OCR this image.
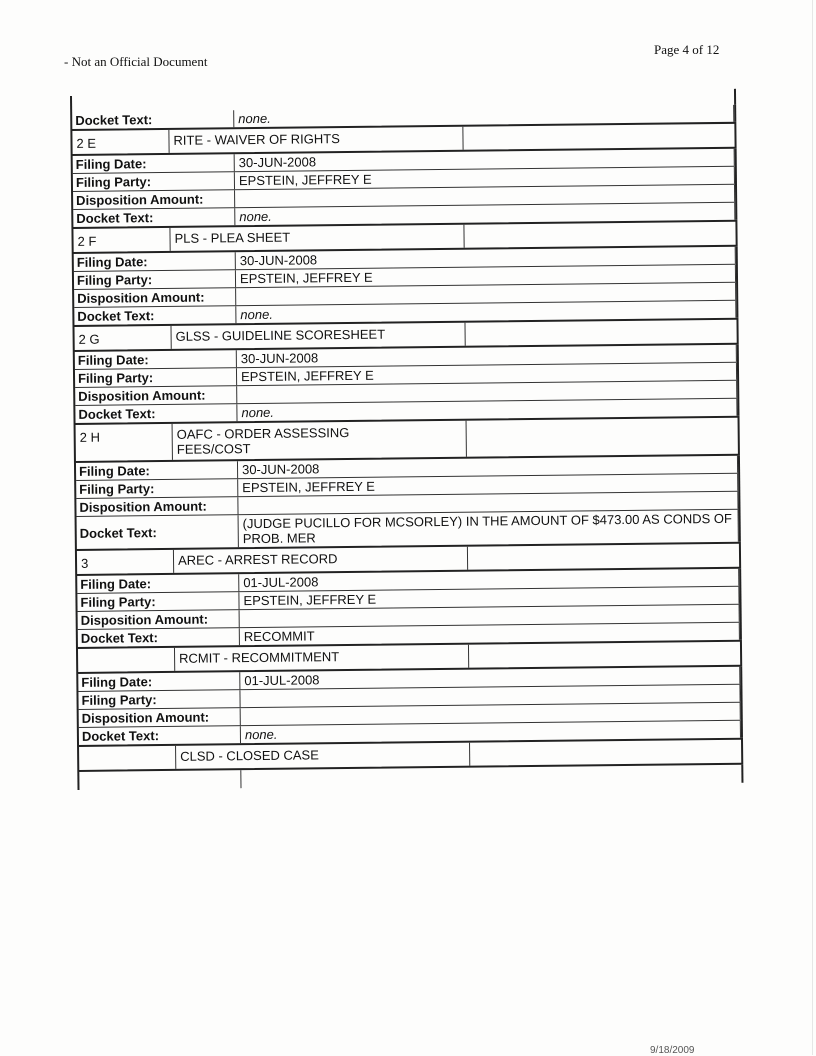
- Not an Official Document
Page 4 of 12
Docket Text:	none.
2 E	RITE - WAIVER OF RIGHTS
Filing Date:	30-JUN-2008
Filing Party:	EPSTEIN, JEFFREY E
Disposition Amount:
Docket Text:	none.
2 F	PLS - PLEA SHEET
Filing Date:	30-JUN-2008
Filing Party:	EPSTEIN, JEFFREY E
Disposition Amount:
Docket Text:	none.
2 G	GLSS - GUIDELINE SCORESHEET
Filing Date:	30-JUN-2008
Filing Party:	EPSTEIN, JEFFREY E
Disposition Amount:
Docket Text:	none.
2 H	OAFC - ORDER ASSESSING FEES/COST
Filing Date:	30-JUN-2008
Filing Party:	EPSTEIN, JEFFREY E
Disposition Amount:
Docket Text:
(JUDGE PUCILLO FOR MCSORLEY) IN THE AMOUNT OF $473.00 AS CONDS OF PROB. MER
3	AREC - ARREST RECORD
Filing Date:	01-JUL-2008
Filing Party:	EPSTEIN, JEFFREY E
Disposition Amount:
Docket Text:	RECOMMIT
RCMIT - RECOMMITMENT
Filing Date:	01-JUL-2008
Filing Party:
Disposition Amount:
Docket Text:	none.
CLSD - CLOSED CASE
9/18/2009
